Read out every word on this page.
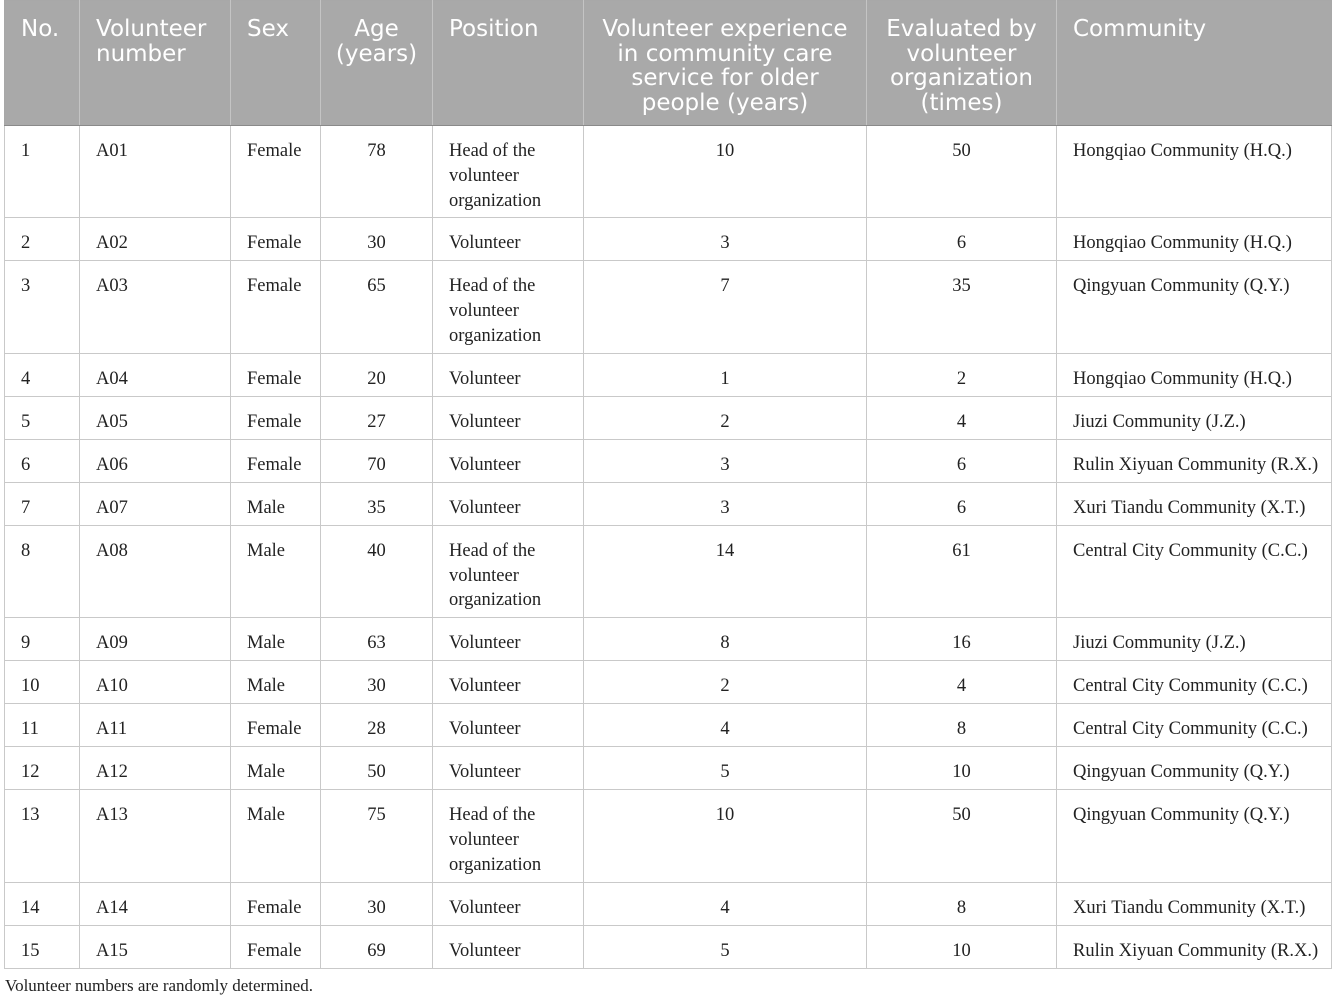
No.	Volunteer number	Sex	Age (years)	Position	Volunteer experience in community care service for older people (years)	Evaluated by volunteer organization (times)	Community
1	A01	Female	78	Head of the volunteer organization	10	50	Hongqiao Community (H.Q.)
2	A02	Female	30	Volunteer	3	6	Hongqiao Community (H.Q.)
3	A03	Female	65	Head of the volunteer organization	7	35	Qingyuan Community (Q.Y.)
4	A04	Female	20	Volunteer	1	2	Hongqiao Community (H.Q.)
5	A05	Female	27	Volunteer	2	4	Jiuzi Community (J.Z.)
6	A06	Female	70	Volunteer	3	6	Rulin Xiyuan Community (R.X.)
7	A07	Male	35	Volunteer	3	6	Xuri Tiandu Community (X.T.)
8	A08	Male	40	Head of the volunteer organization	14	61	Central City Community (C.C.)
9	A09	Male	63	Volunteer	8	16	Jiuzi Community (J.Z.)
10	A10	Male	30	Volunteer	2	4	Central City Community (C.C.)
11	A11	Female	28	Volunteer	4	8	Central City Community (C.C.)
12	A12	Male	50	Volunteer	5	10	Qingyuan Community (Q.Y.)
13	A13	Male	75	Head of the volunteer organization	10	50	Qingyuan Community (Q.Y.)
14	A14	Female	30	Volunteer	4	8	Xuri Tiandu Community (X.T.)
15	A15	Female	69	Volunteer	5	10	Rulin Xiyuan Community (R.X.)
Volunteer numbers are randomly determined.
